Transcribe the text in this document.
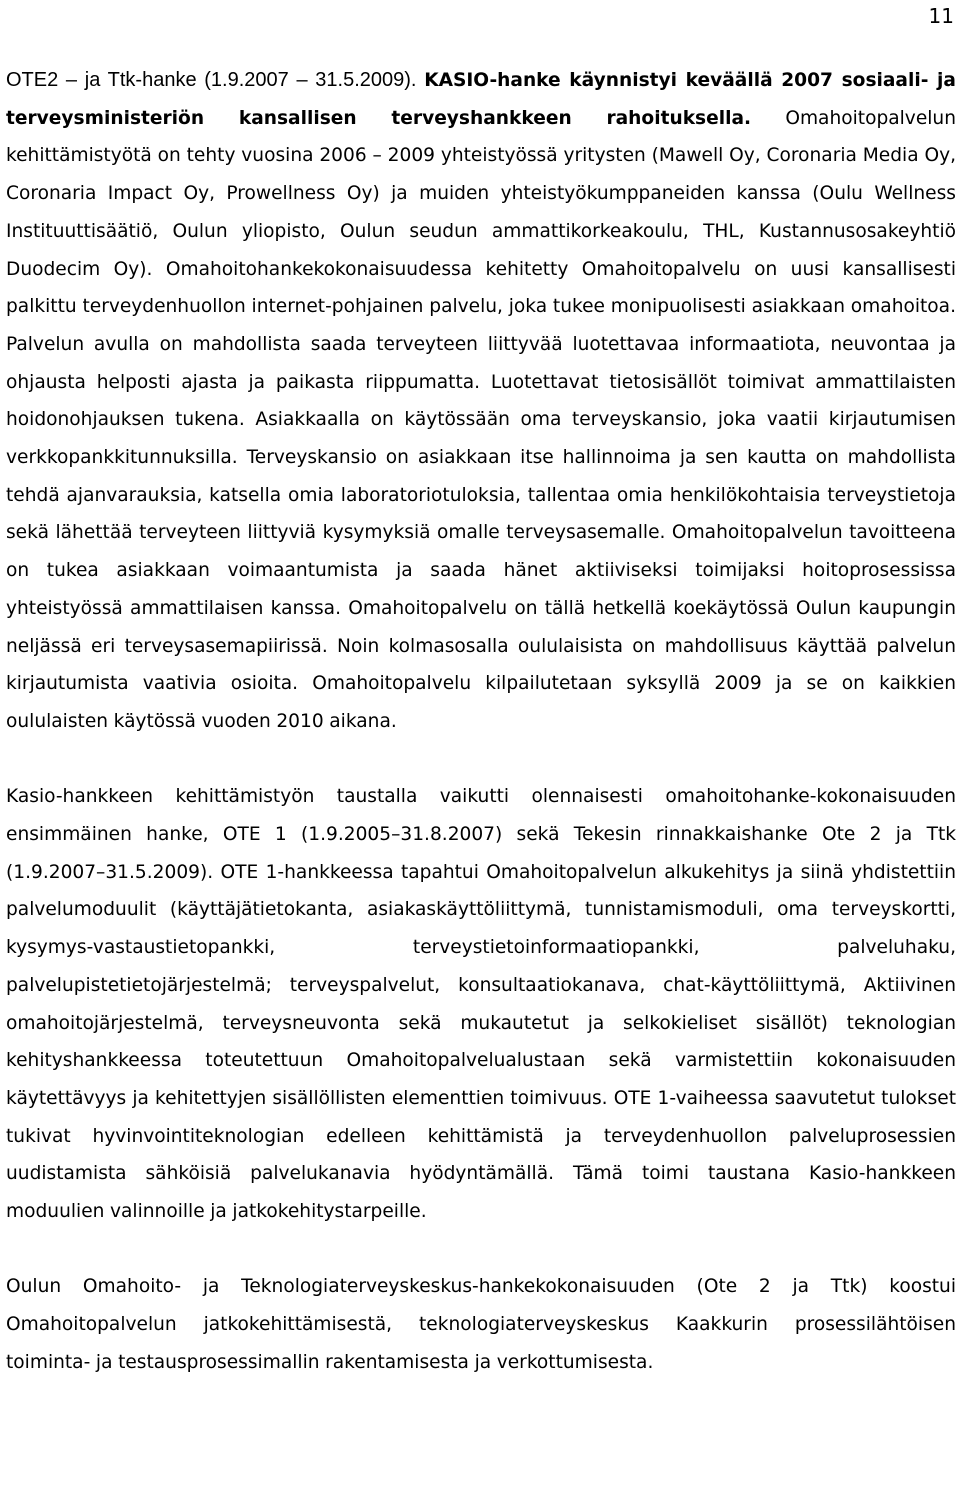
11

OTE2 – ja Ttk-hanke (1.9.2007 – 31.5.2009). KASIO-hanke käynnistyi keväällä 2007 sosiaali- ja terveysministeriön kansallisen terveyshankkeen rahoituksella. Omahoitopalvelun kehittämistyötä on tehty vuosina 2006 – 2009 yhteistyössä yritysten (Mawell Oy, Coronaria Media Oy, Coronaria Impact Oy, Prowellness Oy) ja muiden yhteistyökumppaneiden kanssa (Oulu Wellness Instituuttisäätiö, Oulun yliopisto, Oulun seudun ammattikorkeakoulu, THL, Kustannusosakeyhtiö Duodecim Oy). Omahoitohankekokonaisuudessa kehitetty Omahoitopalvelu on uusi kansallisesti palkittu terveydenhuollon internet-pohjainen palvelu, joka tukee monipuolisesti asiakkaan omahoitoa. Palvelun avulla on mahdollista saada terveyteen liittyvää luotettavaa informaatiota, neuvontaa ja ohjausta helposti ajasta ja paikasta riippumatta. Luotettavat tietosisällöt toimivat ammattilaisten hoidonohjauksen tukena. Asiakkaalla on käytössään oma terveyskansio, joka vaatii kirjautumisen verkkopankkitunnuksilla. Terveyskansio on asiakkaan itse hallinnoima ja sen kautta on mahdollista tehdä ajanvarauksia, katsella omia laboratoriotuloksia, tallentaa omia henkilökohtaisia terveystietoja sekä lähettää terveyteen liittyviä kysymyksiä omalle terveysasemalle. Omahoitopalvelun tavoitteena on tukea asiakkaan voimaantumista ja saada hänet aktiiviseksi toimijaksi hoitoprosessissa yhteistyössä ammattilaisen kanssa. Omahoitopalvelu on tällä hetkellä koekäytössä Oulun kaupungin neljässä eri terveysasemapiirissä. Noin kolmasosalla oululaisista on mahdollisuus käyttää palvelun kirjautumista vaativia osioita. Omahoitopalvelu kilpailutetaan syksyllä 2009 ja se on kaikkien oululaisten käytössä vuoden 2010 aikana.

Kasio-hankkeen kehittämistyön taustalla vaikutti olennaisesti omahoitohanke-kokonaisuuden ensimmäinen hanke, OTE 1 (1.9.2005–31.8.2007) sekä Tekesin rinnakkaishanke Ote 2 ja Ttk (1.9.2007–31.5.2009). OTE 1-hankkeessa tapahtui Omahoitopalvelun alkukehitys ja siinä yhdistettiin palvelumoduulit (käyttäjätietokanta, asiakaskäyttöliittymä, tunnistamismoduli, oma terveyskortti, kysymys-vastaustietopankki, terveystietoinformaatiopankki, palveluhaku, palvelupistetietojärjestelmä; terveyspalvelut, konsultaatiokanava, chat-käyttöliittymä, Aktiivinen omahoitojärjestelmä, terveysneuvonta sekä mukautetut ja selkokieliset sisällöt) teknologian kehityshankkeessa toteutettuun Omahoitopalvelualustaan sekä varmistettiin kokonaisuuden käytettävyys ja kehitettyjen sisällöllisten elementtien toimivuus. OTE 1-vaiheessa saavutetut tulokset tukivat hyvinvointiteknologian edelleen kehittämistä ja terveydenhuollon palveluprosessien uudistamista sähköisiä palvelukanavia hyödyntämällä. Tämä toimi taustana Kasio-hankkeen moduulien valinnoille ja jatkokehitystarpeille.

Oulun Omahoito- ja Teknologiaterveyskeskus-hankekokonaisuuden (Ote 2 ja Ttk) koostui Omahoitopalvelun jatkokehittämisestä, teknologiaterveyskeskus Kaakkurin prosessilähtöisen toiminta- ja testausprosessimallin rakentamisesta ja verkottumisesta.
